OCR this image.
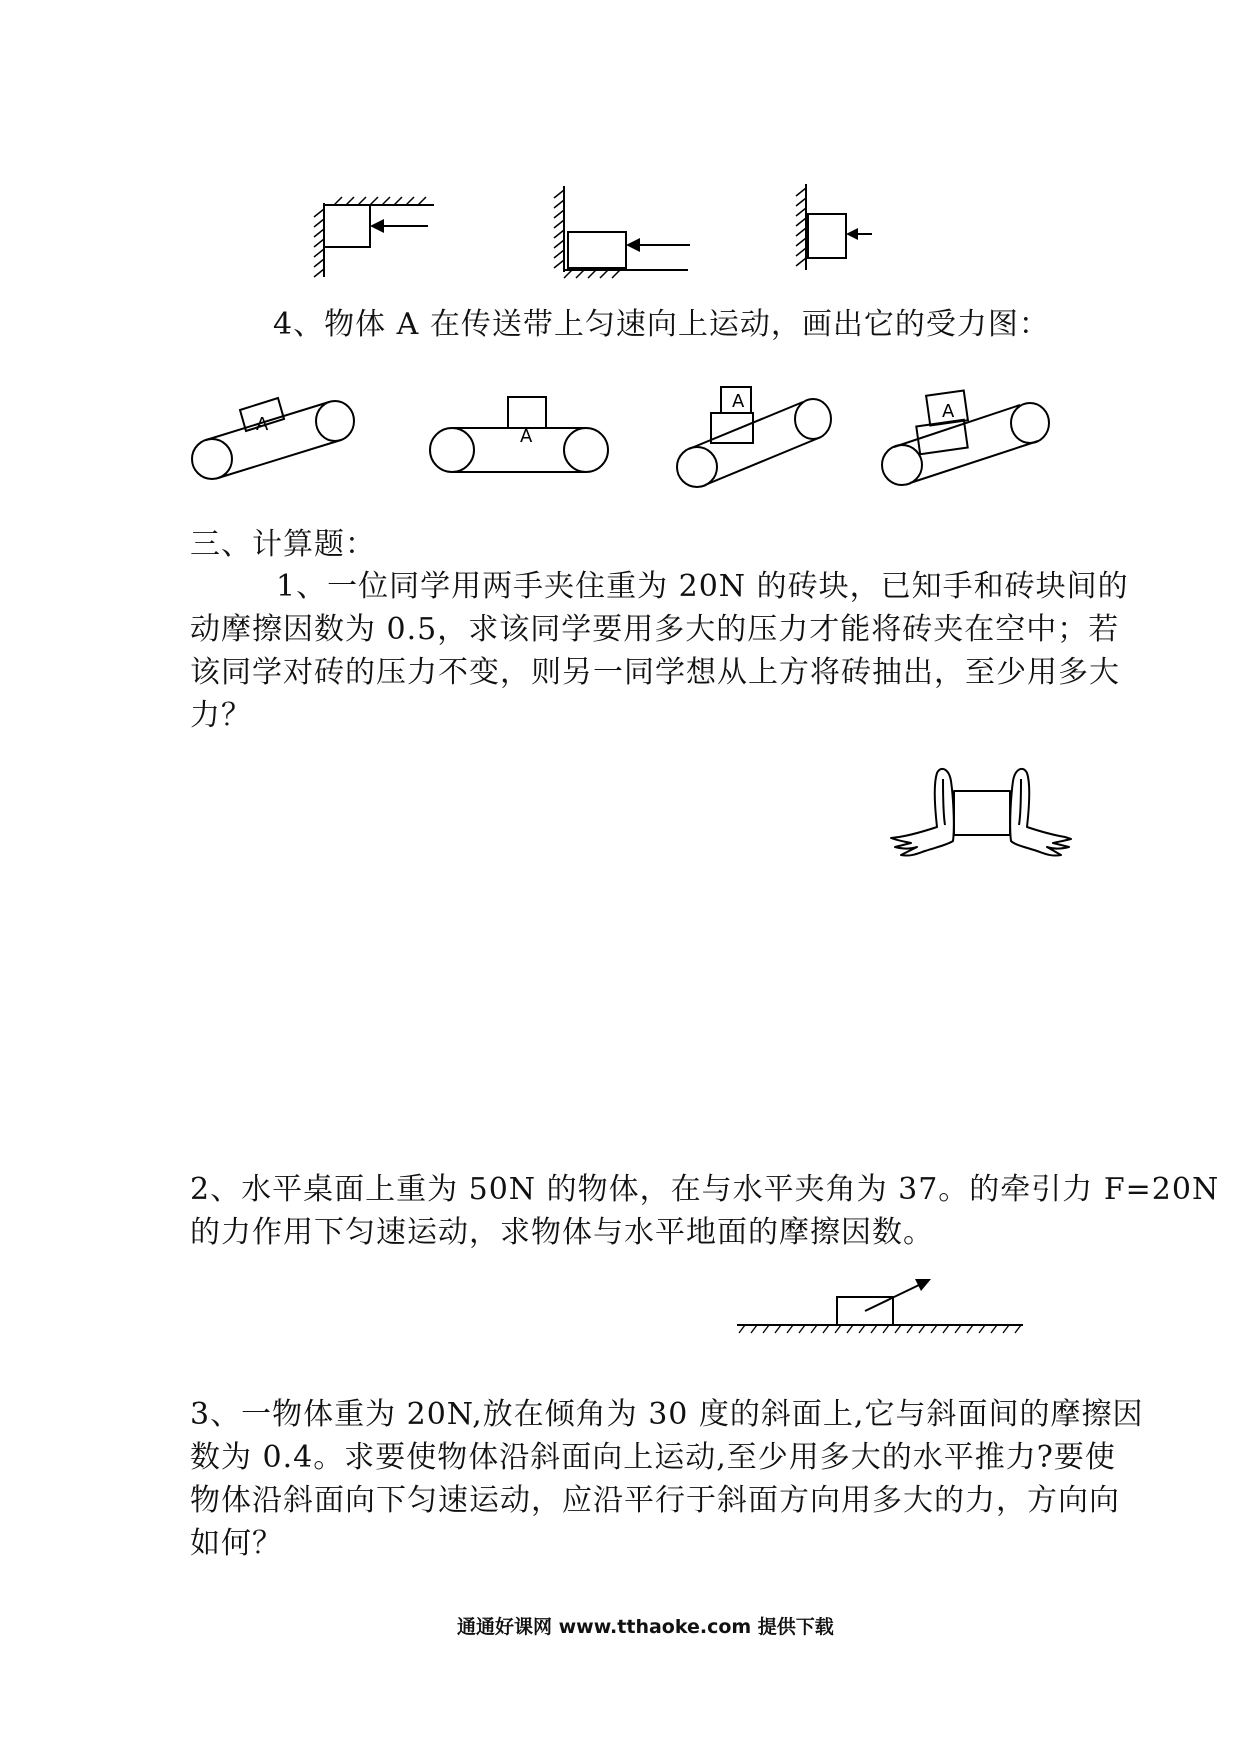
4、物体 A 在传送带上匀速向上运动，画出它的受力图：
A
A
A	A
三、计算题：
1、一位同学用两手夹住重为 20N 的砖块，已知手和砖块间的
动摩擦因数为 0.5，求该同学要用多大的压力才能将砖夹在空中；若
该同学对砖的压力不变，则另一同学想从上方将砖抽出，至少用多大
力？
2、水平桌面上重为 50N 的物体，在与水平夹角为 37。的牵引力 F=20N
的力作用下匀速运动，求物体与水平地面的摩擦因数。
3、一物体重为 20N,放在倾角为 30 度的斜面上,它与斜面间的摩擦因
数为 0.4。求要使物体沿斜面向上运动,至少用多大的水平推力?要使
物体沿斜面向下匀速运动，应沿平行于斜面方向用多大的力，方向向
如何？
通通好课网 www.tthaoke.com 提供下载
